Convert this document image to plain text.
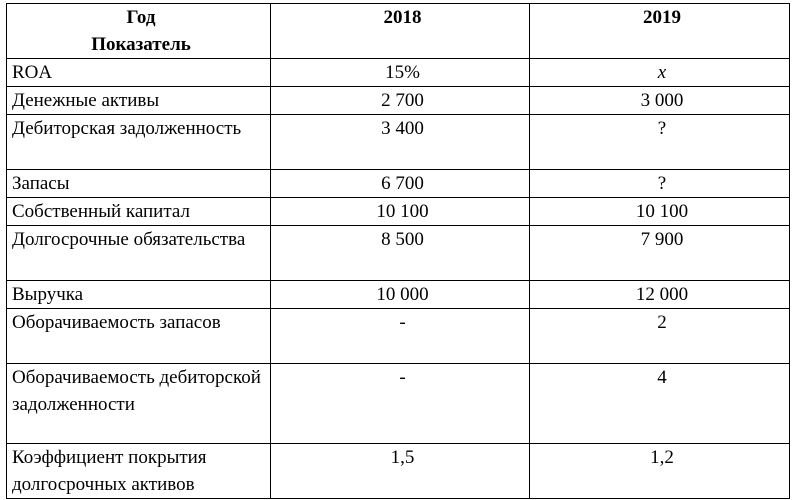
Год
Показатель	2018	2019
ROA	15%	x
Денежные активы	2 700	3 000
Дебиторская задолженность	3 400	?
Запасы	6 700	?
Собственный капитал	10 100	10 100
Долгосрочные обязательства	8 500	7 900
Выручка	10 000	12 000
Оборачиваемость запасов	-	2
Оборачиваемость дебиторской задолженности	-	4
Коэффициент покрытия долгосрочных активов	1,5	1,2
